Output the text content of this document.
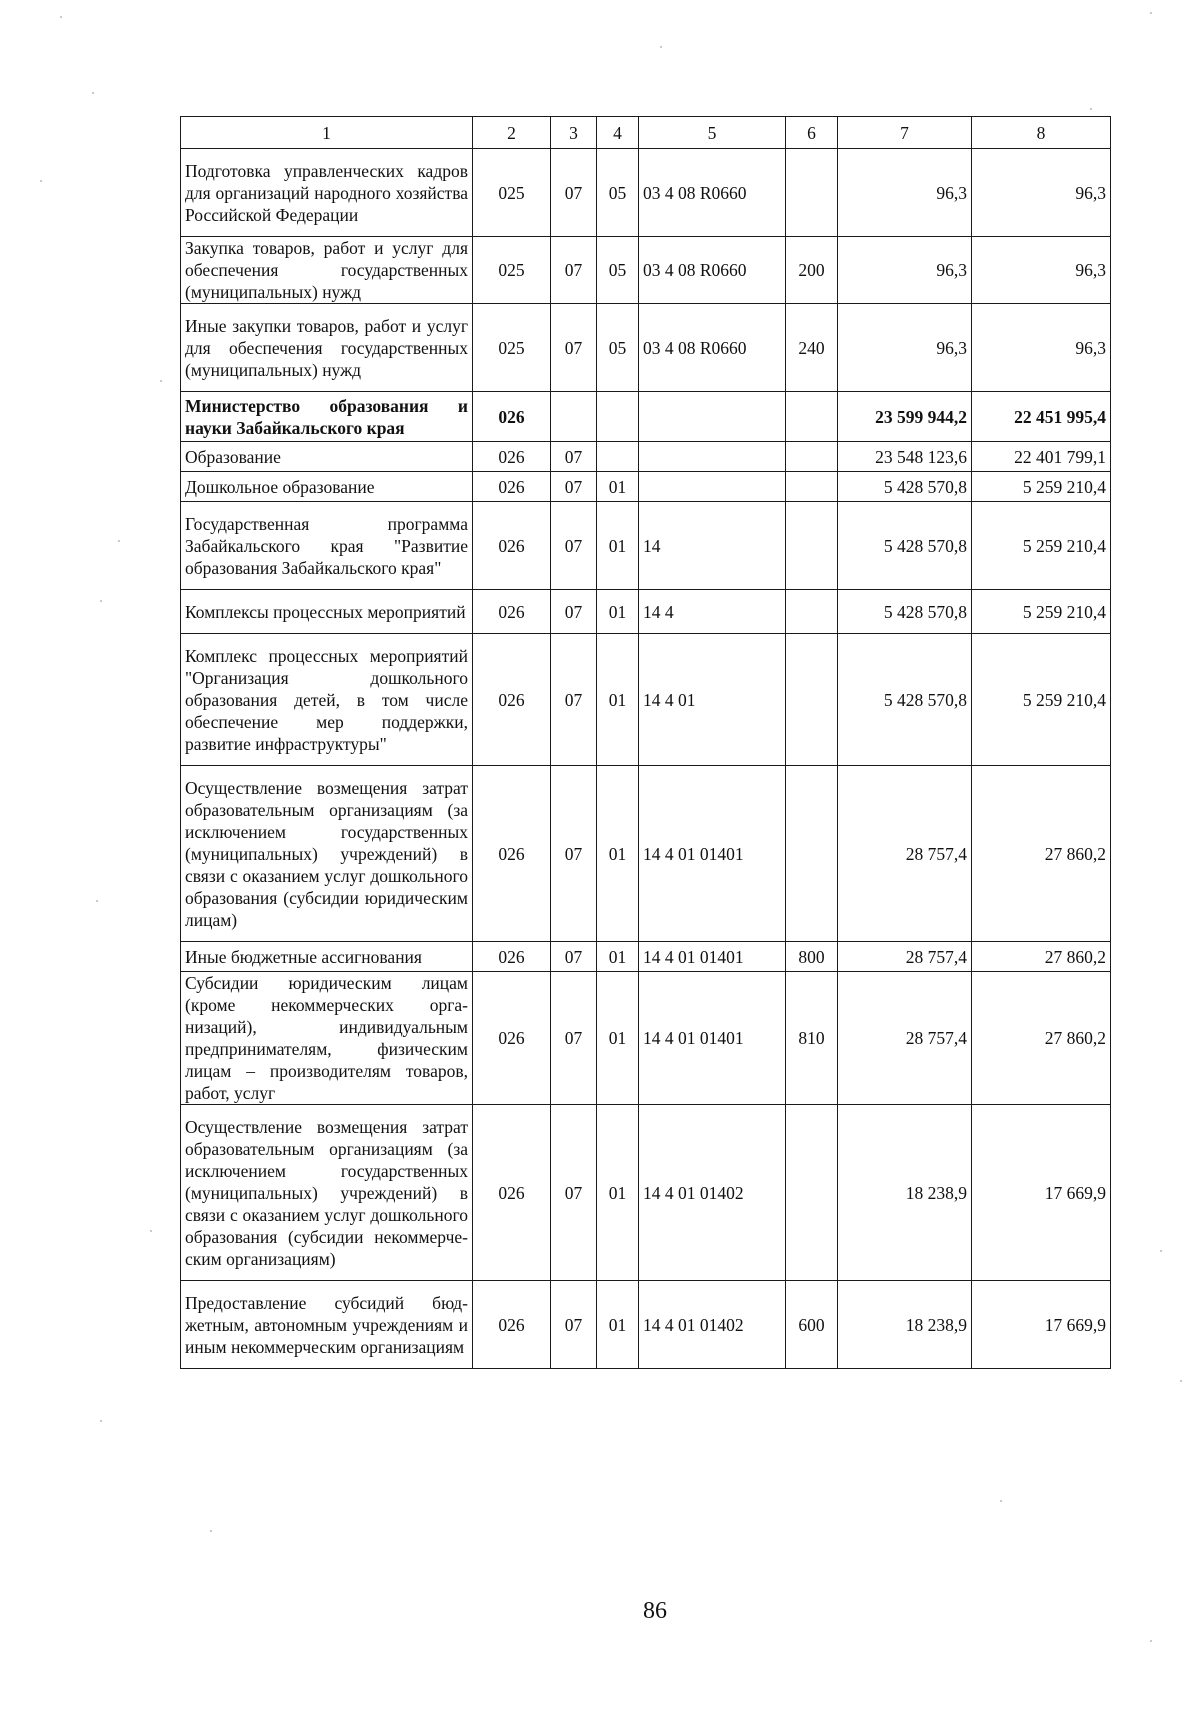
1	2	3	4	5	6	7	8
Подготовка управленческих кадров для организаций народного хозяйства Российской Федерации	025	07	05	03 4 08 R0660		96,3	96,3
Закупка товаров, работ и услуг для обеспечения государственных (муниципальных) нужд	025	07	05	03 4 08 R0660	200	96,3	96,3
Иные закупки товаров, работ и услуг для обеспечения государственных (муниципальных) нужд	025	07	05	03 4 08 R0660	240	96,3	96,3
Министерство образования и науки Забайкальского края	026					23 599 944,2	22 451 995,4
Образование	026	07				23 548 123,6	22 401 799,1
Дошкольное образование	026	07	01			5 428 570,8	5 259 210,4
Государственная программа Забайкальского края "Развитие образования Забайкальского края"	026	07	01	14		5 428 570,8	5 259 210,4
Комплексы процессных мероприятий	026	07	01	14 4		5 428 570,8	5 259 210,4
Комплекс процессных мероприятий "Организация дошкольного образования детей, в том числе обеспечение мер поддержки, развитие инфраструктуры"	026	07	01	14 4 01		5 428 570,8	5 259 210,4
Осуществление возмещения затрат образовательным организациям (за исключением государственных (муниципальных) учреждений) в связи с оказанием услуг дошкольного образования (субсидии юридическим лицам)	026	07	01	14 4 01 01401		28 757,4	27 860,2
Иные бюджетные ассигнования	026	07	01	14 4 01 01401	800	28 757,4	27 860,2
Субсидии юридическим лицам (кроме некоммерческих организаций), индивидуальным предпринимателям, физическим лицам – производителям товаров, работ, услуг	026	07	01	14 4 01 01401	810	28 757,4	27 860,2
Осуществление возмещения затрат образовательным организациям (за исключением государственных (муниципальных) учреждений) в связи с оказанием услуг дошкольного образования (субсидии некоммерческим организациям)	026	07	01	14 4 01 01402		18 238,9	17 669,9
Предоставление субсидий бюджетным, автономным учреждениям и иным некоммерческим организациям	026	07	01	14 4 01 01402	600	18 238,9	17 669,9
86
